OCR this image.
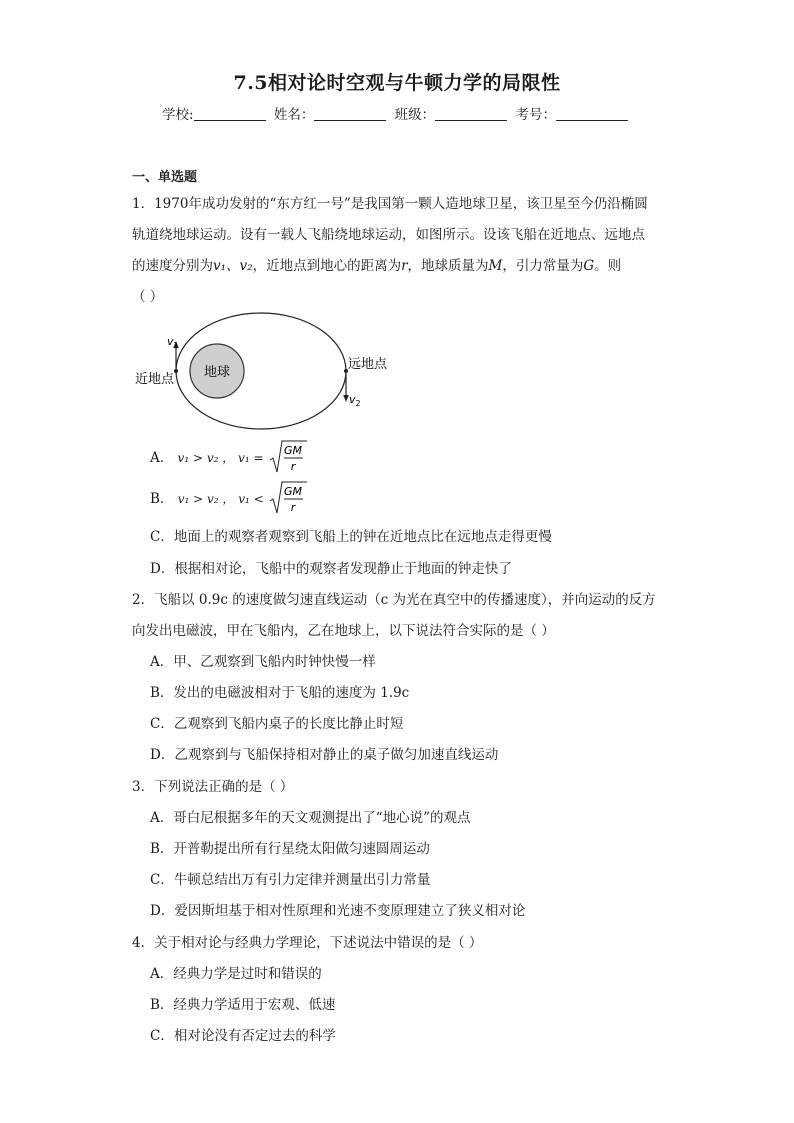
7.5相对论时空观与牛顿力学的局限性
学校:	姓名：	班级：	考号：
一、单选题
1．1970年成功发射的“东方红一号”是我国第一颗人造地球卫星，该卫星至今仍沿椭圆
轨道绕地球运动。设有一载人飞船绕地球运动，如图所示。设该飞船在近地点、远地点
的速度分别为v₁、v₂，近地点到地心的距离为r，地球质量为M，引力常量为G。则
（ ）
地球
近地点
远地点
$v_1$
$v_2$
A． v₁ > v₂ ， v₁ =
GM
r
B． v₁ > v₂ ， v₁ <
GM
r
C．地面上的观察者观察到飞船上的钟在近地点比在远地点走得更慢
D．根据相对论，飞船中的观察者发现静止于地面的钟走快了
2．飞船以 0.9c 的速度做匀速直线运动（c 为光在真空中的传播速度），并向运动的反方
向发出电磁波，甲在飞船内，乙在地球上，以下说法符合实际的是（ ）
A．甲、乙观察到飞船内时钟快慢一样
B．发出的电磁波相对于飞船的速度为 1.9c
C．乙观察到飞船内桌子的长度比静止时短
D．乙观察到与飞船保持相对静止的桌子做匀加速直线运动
3．下列说法正确的是（ ）
A．哥白尼根据多年的天文观测提出了“地心说”的观点
B．开普勒提出所有行星绕太阳做匀速圆周运动
C．牛顿总结出万有引力定律并测量出引力常量
D．爱因斯坦基于相对性原理和光速不变原理建立了狭义相对论
4．关于相对论与经典力学理论，下述说法中错误的是（ ）
A．经典力学是过时和错误的
B．经典力学适用于宏观、低速
C．相对论没有否定过去的科学
